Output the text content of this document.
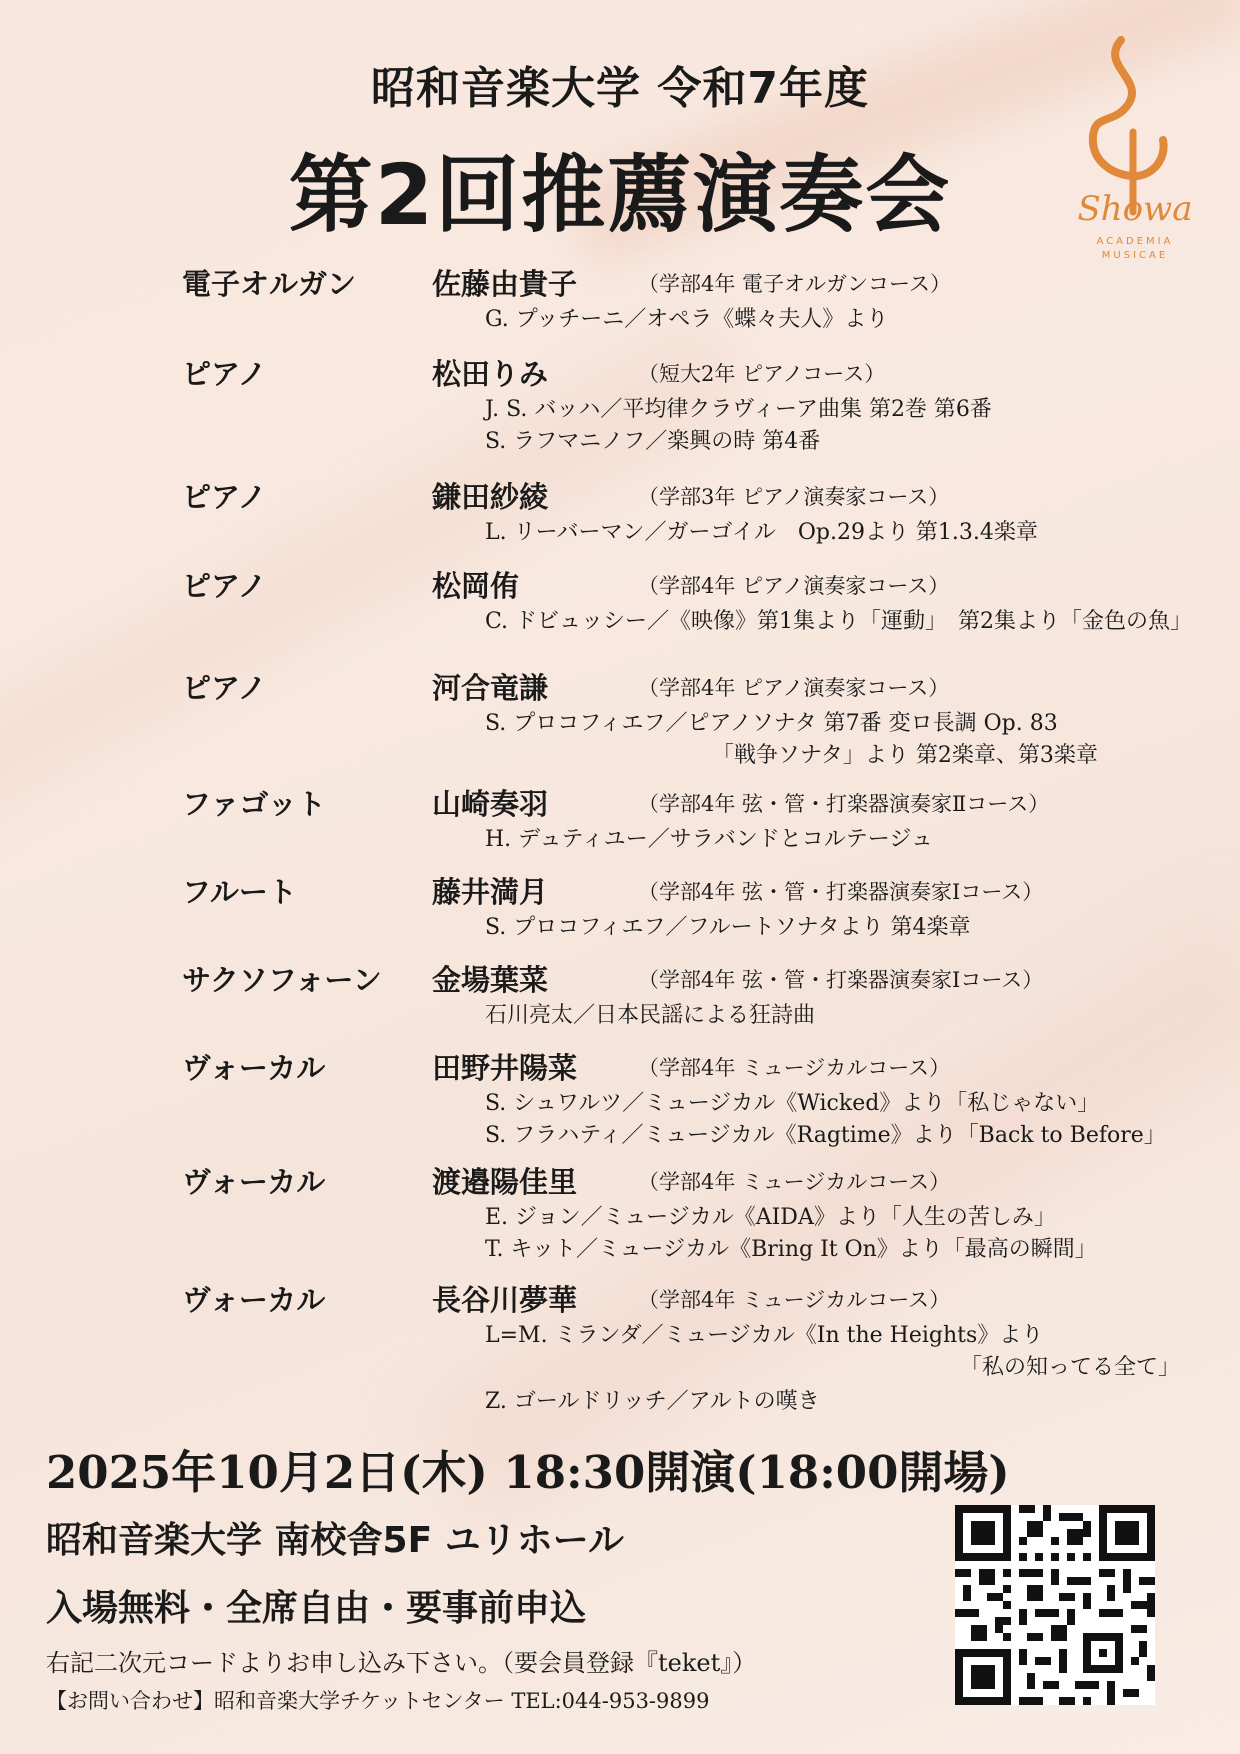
昭和音楽大学 令和7年度
第2回推薦演奏会	Showa
ACADEMIA
MUSICAE
電子オルガン	佐藤由貴子	（学部4年 電子オルガンコース）
G. プッチーニ／オペラ《蝶々夫人》より
ピアノ	松田りみ	（短大2年 ピアノコース）
J. S. バッハ／平均律クラヴィーア曲集 第2巻 第6番
S. ラフマニノフ／楽興の時 第4番
ピアノ	鎌田紗綾	（学部3年 ピアノ演奏家コース）
L. リーバーマン／ガーゴイル　Op.29より 第1.3.4楽章
ピアノ	松岡侑	（学部4年 ピアノ演奏家コース）
C. ドビュッシー／《映像》第1集より「運動」　第2集より「金色の魚」
ピアノ	河合竜謙	（学部4年 ピアノ演奏家コース）
S. プロコフィエフ／ピアノソナタ 第7番 変ロ長調 Op. 83
「戦争ソナタ」より 第2楽章、第3楽章
ファゴット	山崎奏羽	（学部4年 弦・管・打楽器演奏家Ⅱコース）
H. デュティユー／サラバンドとコルテージュ
フルート	藤井満月	（学部4年 弦・管・打楽器演奏家Ⅰコース）
S. プロコフィエフ／フルートソナタより 第4楽章
サクソフォーン 金場葉菜	（学部4年 弦・管・打楽器演奏家Ⅰコース）
石川亮太／日本民謡による狂詩曲
ヴォーカル	田野井陽菜	（学部4年 ミュージカルコース）
S. シュワルツ／ミュージカル《Wicked》より「私じゃない」
S. フラハティ／ミュージカル《Ragtime》より「Back to Before」
ヴォーカル	渡邉陽佳里	（学部4年 ミュージカルコース）
E. ジョン／ミュージカル《AIDA》より「人生の苦しみ」
T. キット／ミュージカル《Bring It On》より「最高の瞬間」
ヴォーカル	長谷川夢華	（学部4年 ミュージカルコース）
L=M. ミランダ／ミュージカル《In the Heights》より
「私の知ってる全て」
Z. ゴールドリッチ／アルトの嘆き
2025年10月2日(木) 18:30開演(18:00開場)
昭和音楽大学 南校舎5F ユリホール
入場無料・全席自由・要事前申込
右記二次元コードよりお申し込み下さい。（要会員登録『teket』）
【お問い合わせ】昭和音楽大学チケットセンター TEL:044-953-9899
